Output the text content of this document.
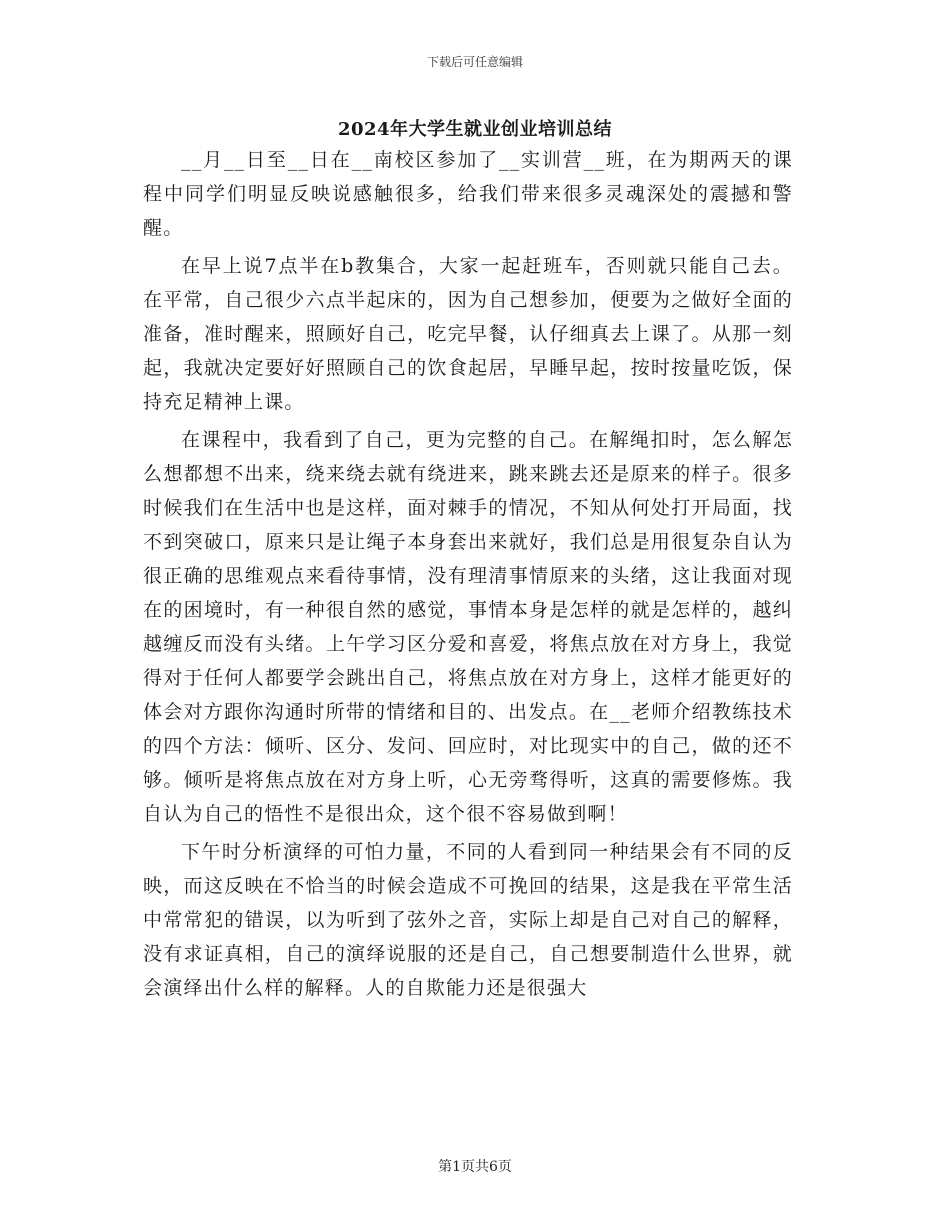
下载后可任意编辑
2024年大学生就业创业培训总结

__月__日至__日在__南校区参加了__实训营__班，在为期两天的课程中同学们明显反映说感触很多，给我们带来很多灵魂深处的震撼和警醒。

在早上说7点半在b教集合，大家一起赶班车，否则就只能自己去。在平常，自己很少六点半起床的，因为自己想参加，便要为之做好全面的准备，准时醒来，照顾好自己，吃完早餐，认仔细真去上课了。从那一刻起，我就决定要好好照顾自己的饮食起居，早睡早起，按时按量吃饭，保持充足精神上课。

在课程中，我看到了自己，更为完整的自己。在解绳扣时，怎么解怎么想都想不出来，绕来绕去就有绕进来，跳来跳去还是原来的样子。很多时候我们在生活中也是这样，面对棘手的情况，不知从何处打开局面，找不到突破口，原来只是让绳子本身套出来就好，我们总是用很复杂自认为很正确的思维观点来看待事情，没有理清事情原来的头绪，这让我面对现在的困境时，有一种很自然的感觉，事情本身是怎样的就是怎样的，越纠越缠反而没有头绪。上午学习区分爱和喜爱，将焦点放在对方身上，我觉得对于任何人都要学会跳出自己，将焦点放在对方身上，这样才能更好的体会对方跟你沟通时所带的情绪和目的、出发点。在__老师介绍教练技术的四个方法：倾听、区分、发问、回应时，对比现实中的自己，做的还不够。倾听是将焦点放在对方身上听，心无旁骛得听，这真的需要修炼。我自认为自己的悟性不是很出众，这个很不容易做到啊！

下午时分析演绎的可怕力量，不同的人看到同一种结果会有不同的反映，而这反映在不恰当的时候会造成不可挽回的结果，这是我在平常生活中常常犯的错误，以为听到了弦外之音，实际上却是自己对自己的解释，没有求证真相，自己的演绎说服的还是自己，自己想要制造什么世界，就会演绎出什么样的解释。人的自欺能力还是很强大

第1页共6页
